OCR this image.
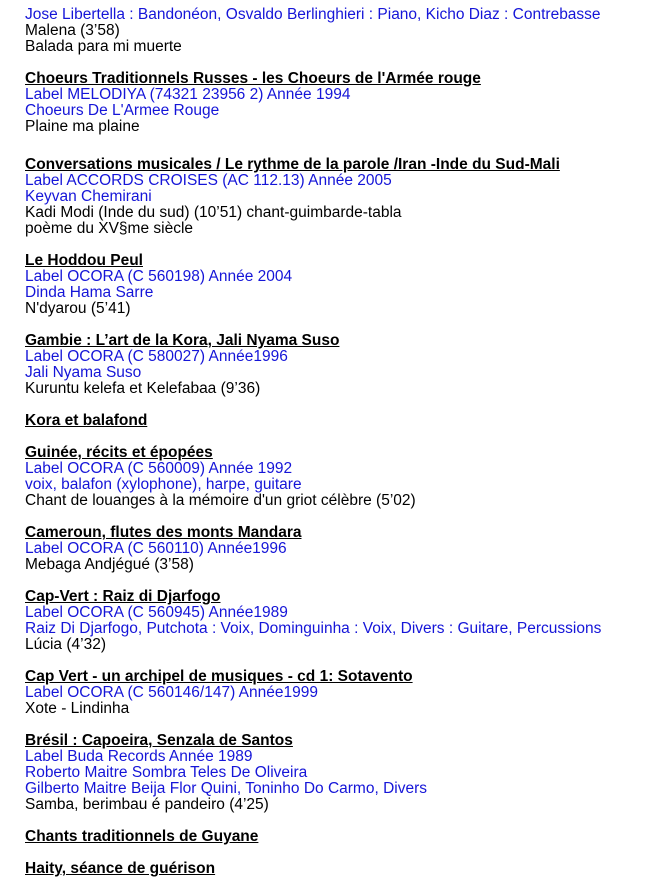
Jose Libertella : Bandonéon, Osvaldo Berlinghieri : Piano, Kicho Diaz : Contrebasse
Malena (3’58)
Balada para mi muerte
Choeurs Traditionnels Russes - les Choeurs de l'Armée rouge
Label MELODIYA (74321 23956 2) Année 1994
Choeurs De L'Armee Rouge
Plaine ma plaine
Conversations musicales / Le rythme de la parole /Iran -Inde du Sud-Mali
Label ACCORDS CROISES (AC 112.13) Année 2005
Keyvan Chemirani
Kadi Modi (Inde du sud) (10’51) chant-guimbarde-tabla
poème du XV§me siècle
Le Hoddou Peul
Label OCORA (C 560198) Année 2004
Dinda Hama Sarre
N'dyarou (5’41)
Gambie : L’art de la Kora, Jali Nyama Suso
Label OCORA (C 580027) Année1996
Jali Nyama Suso
Kuruntu kelefa et Kelefabaa (9’36)
Kora et balafond
Guinée, récits et épopées
Label OCORA (C 560009) Année 1992
voix, balafon (xylophone), harpe, guitare
Chant de louanges à la mémoire d'un griot célèbre (5’02)
Cameroun, flutes des monts Mandara
Label OCORA (C 560110) Année1996
Mebaga Andjégué (3’58)
Cap-Vert : Raiz di Djarfogo
Label OCORA (C 560945) Année1989
Raiz Di Djarfogo, Putchota : Voix, Dominguinha : Voix, Divers : Guitare, Percussions
Lúcia (4’32)
Cap Vert - un archipel de musiques - cd 1: Sotavento
Label OCORA (C 560146/147) Année1999
Xote - Lindinha
Brésil : Capoeira, Senzala de Santos
Label Buda Records Année 1989
Roberto Maitre Sombra Teles De Oliveira
Gilberto Maitre Beija Flor Quini, Toninho Do Carmo, Divers
Samba, berimbau é pandeiro (4’25)
Chants traditionnels de Guyane
Haity, séance de guérison
